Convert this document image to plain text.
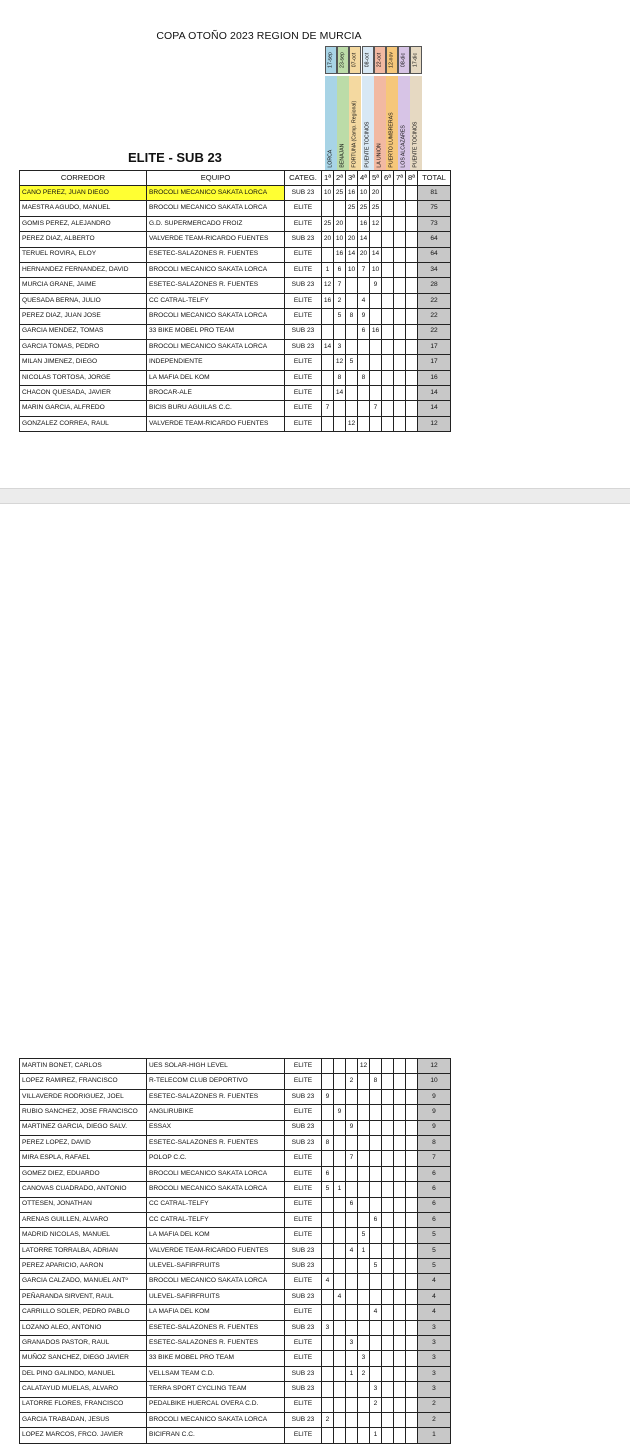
COPA OTOÑO 2023 REGION DE MURCIA
ELITE - SUB 23
17-sep
LORCA
23-sep
BENAJAN
07-oct
FORTUNA (Camp. Regional)
08-oct
PUENTE TOCINOS
22-oct
LA UNION
12-nov
PUERTO LUMBRERAS
08-dic
LOS ALCAZARES
17-dic
PUENTE TOCINOS
CORREDOR	EQUIPO	CATEG.	1ª	2ª	3ª	4ª	5ª	6ª	7ª	8ª	TOTAL
CANO PEREZ, JUAN DIEGO	BROCOLI MECANICO SAKATA LORCA	SUB 23	10	25	16	10	20				81
MAESTRA AGUDO, MANUEL	BROCOLI MECANICO SAKATA LORCA	ELITE			25	25	25				75
GOMIS PEREZ, ALEJANDRO	G.D. SUPERMERCADO FROIZ	ELITE	25	20		16	12				73
PEREZ DIAZ, ALBERTO	VALVERDE TEAM-RICARDO FUENTES	SUB 23	20	10	20	14					64
TERUEL ROVIRA, ELOY	ESETEC-SALAZONES R. FUENTES	ELITE		16	14	20	14				64
HERNANDEZ FERNANDEZ, DAVID	BROCOLI MECANICO SAKATA LORCA	ELITE	1	6	10	7	10				34
MURCIA GRANE, JAIME	ESETEC-SALAZONES R. FUENTES	SUB 23	12	7			9				28
QUESADA BERNA, JULIO	CC CATRAL-TELFY	ELITE	16	2		4					22
PEREZ DIAZ, JUAN JOSE	BROCOLI MECANICO SAKATA LORCA	ELITE		5	8	9					22
GARCIA MENDEZ, TOMAS	33 BIKE MOBEL PRO TEAM	SUB 23				6	16				22
GARCIA TOMAS, PEDRO	BROCOLI MECANICO SAKATA LORCA	SUB 23	14	3							17
MILAN JIMENEZ, DIEGO	INDEPENDIENTE	ELITE		12	5						17
NICOLAS TORTOSA, JORGE	LA MAFIA DEL KOM	ELITE		8		8					16
CHACON QUESADA, JAVIER	BROCAR-ALE	ELITE		14							14
MARIN GARCIA, ALFREDO	BICIS BURU AGUILAS C.C.	ELITE	7				7				14
GONZALEZ CORREA, RAUL	VALVERDE TEAM-RICARDO FUENTES	ELITE			12						12
MARTIN BONET, CARLOS	UES SOLAR-HIGH LEVEL	ELITE				12					12
LOPEZ RAMIREZ, FRANCISCO	R-TELECOM CLUB DEPORTIVO	ELITE			2		8				10
VILLAVERDE RODRIGUEZ, JOEL	ESETEC-SALAZONES R. FUENTES	SUB 23	9								9
RUBIO SANCHEZ, JOSE FRANCISCO	ANGLIRUBIKE	ELITE		9							9
MARTINEZ GARCIA, DIEGO SALV.	ESSAX	SUB 23			9						9
PEREZ LOPEZ, DAVID	ESETEC-SALAZONES R. FUENTES	SUB 23	8								8
MIRA ESPLA, RAFAEL	POLOP C.C.	ELITE			7						7
GOMEZ DIEZ, EDUARDO	BROCOLI MECANICO SAKATA LORCA	ELITE	6								6
CANOVAS CUADRADO, ANTONIO	BROCOLI MECANICO SAKATA LORCA	ELITE	5	1							6
OTTESEN, JONATHAN	CC CATRAL-TELFY	ELITE			6						6
ARENAS GUILLEN, ALVARO	CC CATRAL-TELFY	ELITE					6				6
MADRID NICOLAS, MANUEL	LA MAFIA DEL KOM	ELITE				5					5
LATORRE TORRALBA, ADRIAN	VALVERDE TEAM-RICARDO FUENTES	SUB 23			4	1					5
PEREZ APARICIO, AARON	ULEVEL-SAFIRFRUITS	SUB 23					5				5
GARCIA CALZADO, MANUEL ANTº	BROCOLI MECANICO SAKATA LORCA	ELITE	4								4
PEÑARANDA SIRVENT, RAUL	ULEVEL-SAFIRFRUITS	SUB 23		4							4
CARRILLO SOLER, PEDRO PABLO	LA MAFIA DEL KOM	ELITE					4				4
LOZANO ALEO, ANTONIO	ESETEC-SALAZONES R. FUENTES	SUB 23	3								3
GRANADOS PASTOR, RAUL	ESETEC-SALAZONES R. FUENTES	ELITE			3						3
MUÑOZ SANCHEZ, DIEGO JAVIER	33 BIKE MOBEL PRO TEAM	ELITE				3					3
DEL PINO GALINDO, MANUEL	VELLSAM TEAM C.D.	SUB 23			1	2					3
CALATAYUD MUELAS, ALVARO	TERRA SPORT CYCLING TEAM	SUB 23					3				3
LATORRE FLORES, FRANCISCO	PEDALBIKE HUERCAL OVERA C.D.	ELITE					2				2
GARCIA TRABADAN, JESUS	BROCOLI MECANICO SAKATA LORCA	SUB 23	2								2
LOPEZ MARCOS, FRCO. JAVIER	BICIFRAN C.C.	ELITE					1				1
